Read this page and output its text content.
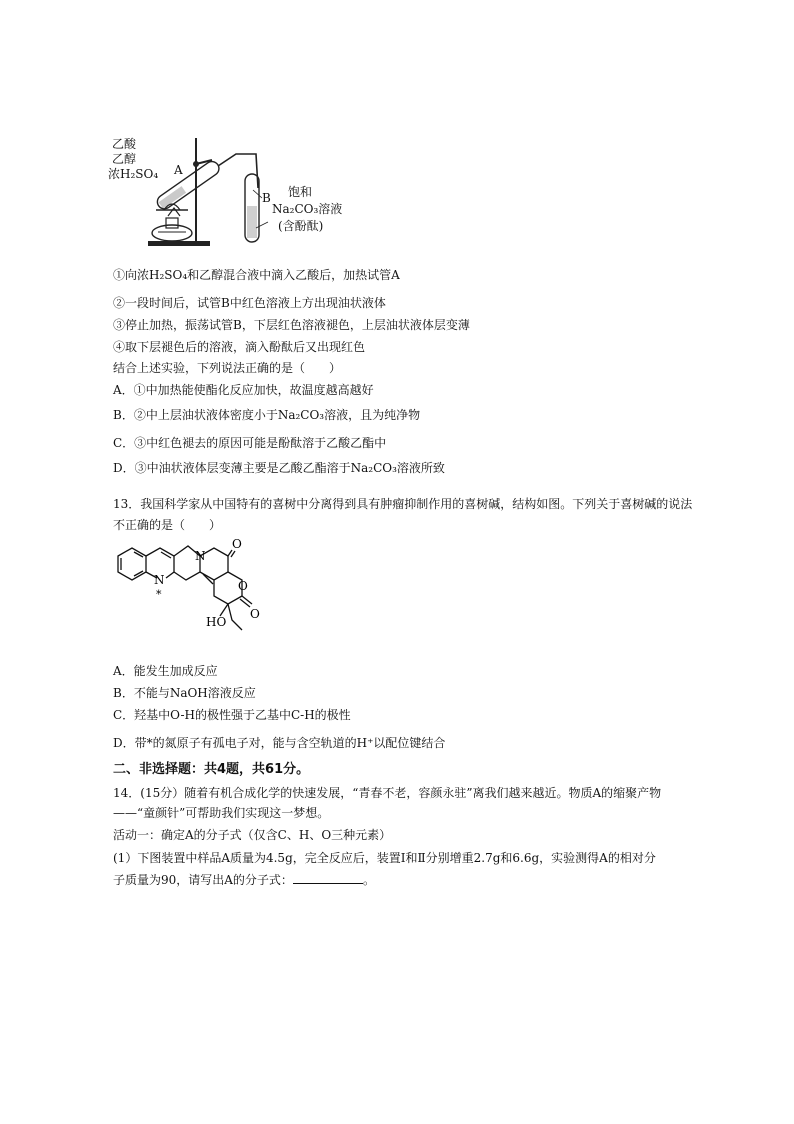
乙酸
乙醇
浓H₂SO₄ A
B 饱和
Na₂CO₃溶液
(含酚酞)
①向浓H₂SO₄和乙醇混合液中滴入乙酸后，加热试管A
②一段时间后，试管B中红色溶液上方出现油状液体
③停止加热，振荡试管B，下层红色溶液褪色，上层油状液体层变薄
④取下层褪色后的溶液，滴入酚酞后又出现红色
结合上述实验，下列说法正确的是（　　）
A．①中加热能使酯化反应加快，故温度越高越好
B．②中上层油状液体密度小于Na₂CO₃溶液，且为纯净物
C．③中红色褪去的原因可能是酚酞溶于乙酸乙酯中
D．③中油状液体层变薄主要是乙酸乙酯溶于Na₂CO₃溶液所致
13．我国科学家从中国特有的喜树中分离得到具有肿瘤抑制作用的喜树碱，结构如图。下列关于喜树碱的说法
不正确的是（　　）
N
*
N
O
O
O
HO
A．能发生加成反应
B．不能与NaOH溶液反应
C．羟基中O-H的极性强于乙基中C-H的极性
D．带*的氮原子有孤电子对，能与含空轨道的H⁺以配位键结合
二、非选择题：共4题，共61分。
14．(15分）随着有机合成化学的快速发展，“青春不老，容颜永驻”离我们越来越近。物质A的缩聚产物
——“童颜针”可帮助我们实现这一梦想。
活动一：确定A的分子式（仅含C、H、O三种元素）
(1）下图装置中样品A质量为4.5g，完全反应后，装置Ⅰ和Ⅱ分别增重2.7g和6.6g，实验测得A的相对分
子质量为90，请写出A的分子式：	。
